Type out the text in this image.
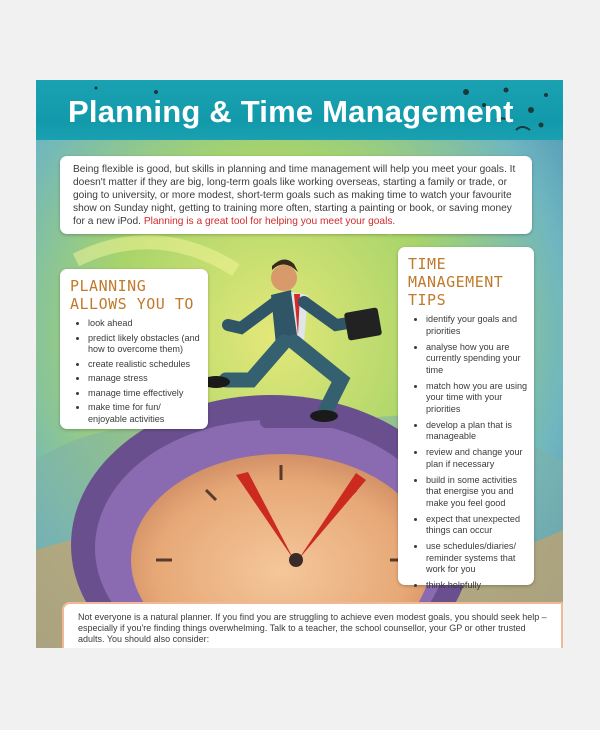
Planning & Time Management

Being flexible is good, but skills in planning and time management will help you meet your goals. It doesn't matter if they are big, long-term goals like working overseas, starting a family or trade, or going to university, or more modest, short-term goals such as making time to watch your favourite show on Sunday night, getting to training more often, starting a painting or book, or saving money for a new iPod. Planning is a great tool for helping you meet your goals.

PLANNING
ALLOWS YOU TO
• look ahead
• predict likely obstacles (and how to overcome them)
• create realistic schedules
• manage stress
• manage time effectively
• make time for fun/ enjoyable activities
TIME
MANAGEMENT
TIPS
• identify your goals and priorities
• analyse how you are currently spending your time
• match how you are using your time with your priorities
• develop a plan that is manageable
• review and change your plan if necessary
• build in some activities that energise you and make you feel good
• expect that unexpected things can occur
• use schedules/diaries/ reminder systems that work for you
• think helpfully

Not everyone is a natural planner. If you find you are struggling to achieve even modest goals, you should seek help – especially if you're finding things overwhelming. Talk to a teacher, the school counsellor, your GP or other trusted adults. You should also consider:
